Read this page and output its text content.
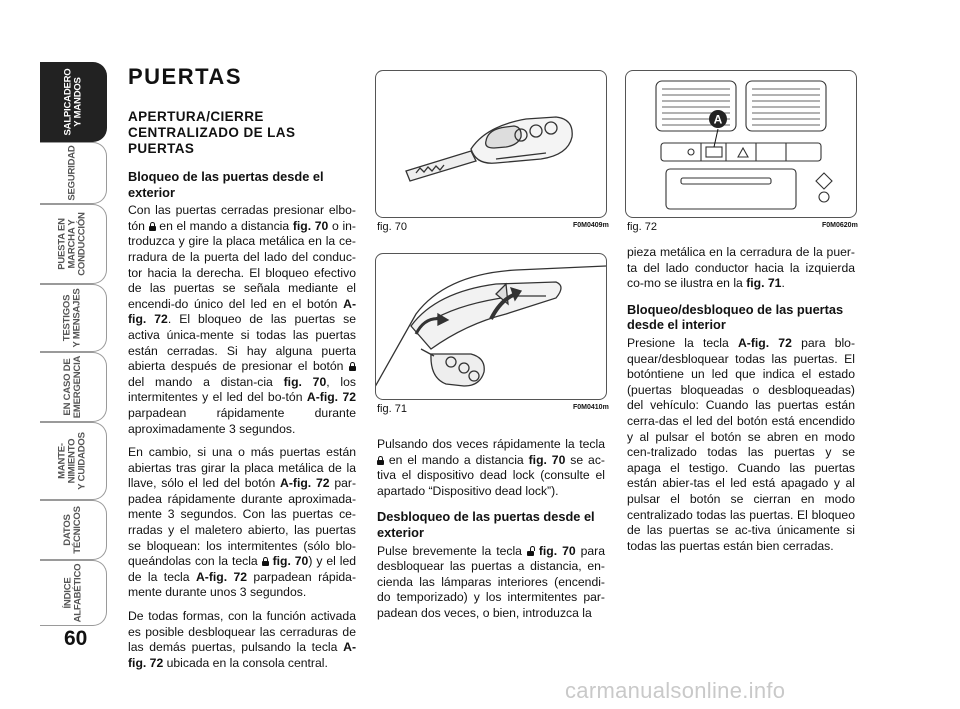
SALPICADERO
Y MANDOS
SEGURIDAD
PUESTA EN
MARCHA Y
CONDUCCIÓN
TESTIGOS
Y MENSAJES
EN CASO DE
EMERGENCIA
MANTE-
NIMIENTO
Y CUIDADOS
DATOS
TÉCNICOS
ÍNDICE
ALFABÉTICO
60
PUERTAS
APERTURA/CIERRE CENTRALIZADO DE LAS PUERTAS
Bloqueo de las puertas desde el exterior

Con las puertas cerradas presionar elbo-tón en el mando a distancia fig. 70 o in-troduzca y gire la placa metálica en la ce-rradura de la puerta del lado del conduc-tor hacia la derecha. El bloqueo efectivo de las puertas se señala mediante el encendi-do único del led en el botón A-fig. 72. El bloqueo de las puertas se activa única-mente si todas las puertas están cerradas. Si hay alguna puerta abierta después de presionar el botón  del mando a distan-cia fig. 70, los intermitentes y el led del bo-tón A-fig. 72 parpadean rápidamente durante aproximadamente 3 segundos.

En cambio, si una o más puertas están abiertas tras girar la placa metálica de la llave, sólo el led del botón A-fig. 72 par-padea rápidamente durante aproximada-mente 3 segundos. Con las puertas ce-rradas y el maletero abierto, las puertas se bloquean: los intermitentes (sólo blo-queándolas con la tecla fig. 70) y el led de la tecla A-fig. 72 parpadean rápida-mente durante unos 3 segundos.

De todas formas, con la función activada es posible desbloquear las cerraduras de las demás puertas, pulsando la tecla A-fig. 72 ubicada en la consola central.

fig. 70	F0M0409m
fig. 71	F0M0410m

Pulsando dos veces rápidamente la tecla  en el mando a distancia fig. 70 se ac-tiva el dispositivo dead lock (consulte el apartado “Dispositivo dead lock”).

Desbloqueo de las puertas desde el exterior

Pulse brevemente la tecla fig. 70 para desbloquear las puertas a distancia, en-cienda las lámparas interiores (encendi-do temporizado) y los intermitentes par-padean dos veces, o bien, introduzca la

A
fig. 72	F0M0620m

pieza metálica en la cerradura de la puer-ta del lado conductor hacia la izquierda co-mo se ilustra en la fig. 71.

Bloqueo/desbloqueo de las puertas desde el interior

Presione la tecla A-fig. 72 para blo-quear/desbloquear todas las puertas. El botóntiene un led que indica el estado (puertas bloqueadas o desbloqueadas) del vehículo: Cuando las puertas están cerra-das el led del botón está encendido y al pulsar el botón se abren en modo cen-tralizado todas las puertas y se apaga el testigo. Cuando las puertas están abier-tas el led está apagado y al pulsar el botón se cierran en modo centralizado todas las puertas. El bloqueo de las puertas se ac-tiva únicamente si todas las puertas están bien cerradas.

carmanualsonline.info
